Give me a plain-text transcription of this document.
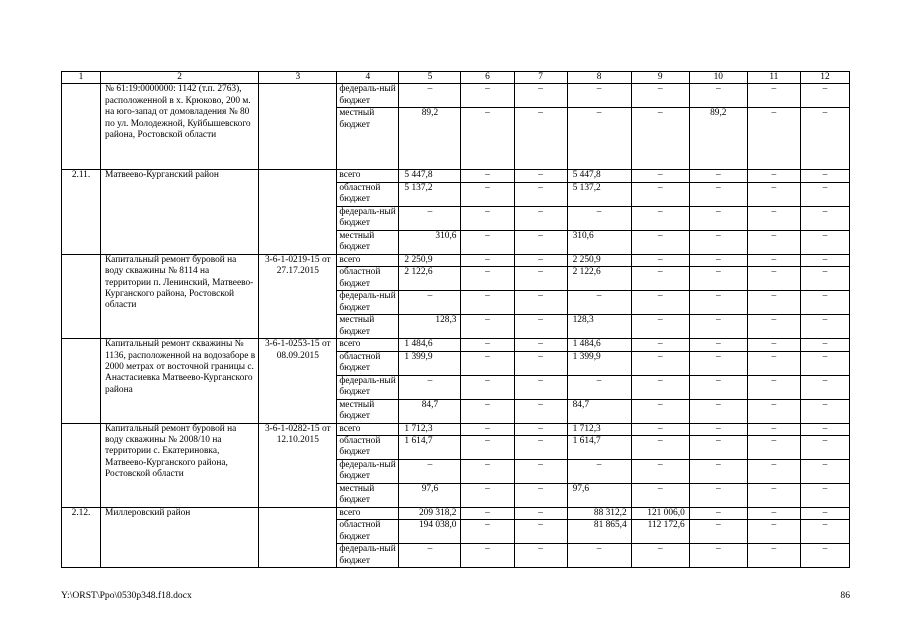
1	2	3	4	5	6	7	8	9	10	11	12
	№ 61:19:0000000: 1142 (т.п. 2763), расположенной в х. Крюково, 200 м. на юго-запад от домовладения № 80 по ул. Молодежной, Куйбышевского района, Ростовской области		федераль-ный бюджет	–	–	–	–	–	–	–	–
			местный бюджет	89,2	–	–	–	–	89,2	–	–
2.11.	Матвеево-Курганский район		всего	5 447,8	–	–	5 447,8	–	–	–	–
			областной бюджет	5 137,2	–	–	5 137,2	–	–	–	–
			федераль-ный бюджет	–	–	–	–	–	–	–	–
			местный бюджет	310,6	–	–	310,6	–	–	–	–
	Капитальный ремонт буровой на воду скважины № 8114 на территории п. Ленинский, Матвеево-Курганского района, Ростовской области	3-6-1-0219-15 от 27.17.2015	всего	2 250,9	–	–	2 250,9	–	–	–	–
			областной бюджет	2 122,6	–	–	2 122,6	–	–	–	–
			федераль-ный бюджет	–	–	–	–	–	–	–	–
			местный бюджет	128,3	–	–	128,3	–	–	–	–
	Капитальный ремонт скважины № 1136, расположенной на водозаборе в 2000 метрах от восточной границы с. Анастасиевка Матвеево-Курганского района	3-6-1-0253-15 от 08.09.2015	всего	1 484,6	–	–	1 484,6	–	–	–	–
			областной бюджет	1 399,9	–	–	1 399,9	–	–	–	–
			федераль-ный бюджет	–	–	–	–	–	–	–	–
			местный бюджет	84,7	–	–	84,7	–	–	–	–
	Капитальный ремонт буровой на воду скважины № 2008/10 на территории с. Екатериновка, Матвеево-Курганского района, Ростовской области	3-6-1-0282-15 от 12.10.2015	всего	1 712,3	–	–	1 712,3	–	–	–	–
			областной бюджет	1 614,7	–	–	1 614,7	–	–	–	–
			федераль-ный бюджет	–	–	–	–	–	–	–	–
			местный бюджет	97,6	–	–	97,6	–	–	–	–
2.12.	Миллеровский район		всего	209 318,2	–	–	88 312,2	121 006,0	–	–	–
			областной бюджет	194 038,0	–	–	81 865,4	112 172,6	–	–	–
			федераль-ный бюджет	–	–	–	–	–	–	–	–
Y:\ORST\Ppo\0530p348.f18.docx	86
